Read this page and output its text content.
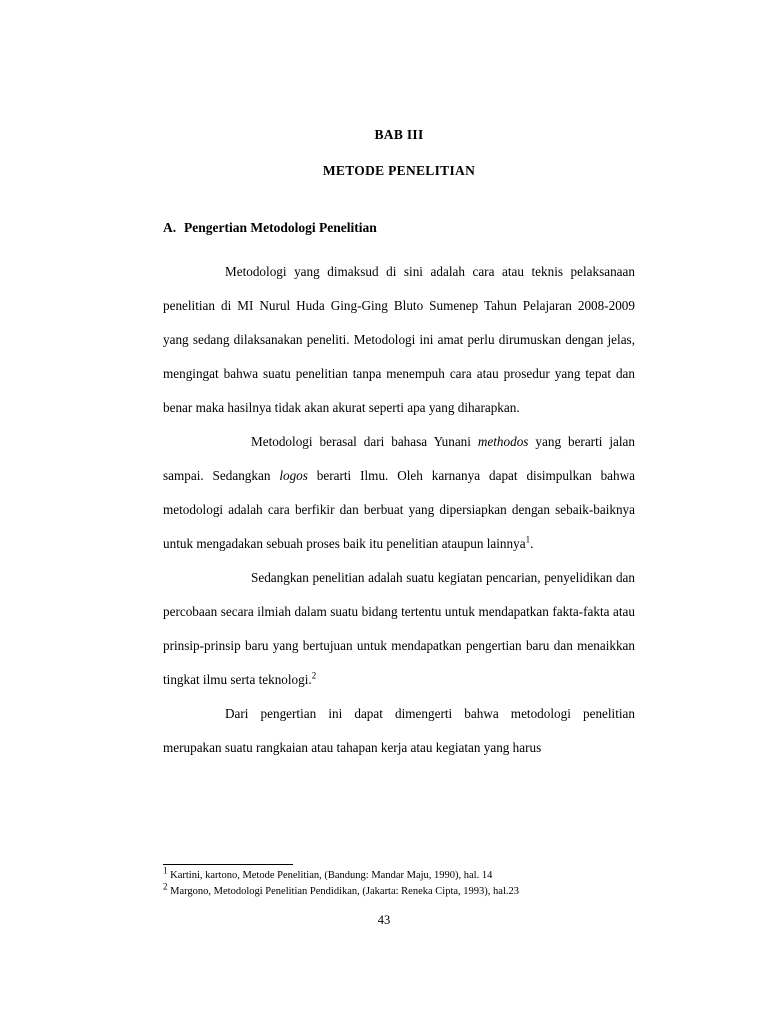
BAB III
METODE PENELITIAN
A. Pengertian Metodologi Penelitian

Metodologi yang dimaksud di sini adalah cara atau teknis pelaksanaan penelitian di MI Nurul Huda Ging-Ging Bluto Sumenep Tahun Pelajaran 2008-2009 yang sedang dilaksanakan peneliti. Metodologi ini amat perlu dirumuskan dengan jelas, mengingat bahwa suatu penelitian tanpa menempuh cara atau prosedur yang tepat dan benar maka hasilnya tidak akan akurat seperti apa yang diharapkan.

Metodologi berasal dari bahasa Yunani methodos yang berarti jalan sampai. Sedangkan logos berarti Ilmu. Oleh karnanya dapat disimpulkan bahwa metodologi adalah cara berfikir dan berbuat yang dipersiapkan dengan sebaik-baiknya untuk mengadakan sebuah proses baik itu penelitian ataupun lainnya$^1$.

Sedangkan penelitian adalah suatu kegiatan pencarian, penyelidikan dan percobaan secara ilmiah dalam suatu bidang tertentu untuk mendapatkan fakta-fakta atau prinsip-prinsip baru yang bertujuan untuk mendapatkan pengertian baru dan menaikkan tingkat ilmu serta teknologi.$^2$

Dari pengertian ini dapat dimengerti bahwa metodologi penelitian merupakan suatu rangkaian atau tahapan kerja atau kegiatan yang harus

$^1$ Kartini, kartono, Metode Penelitian, (Bandung: Mandar Maju, 1990), hal. 14
$^2$ Margono, Metodologi Penelitian Pendidikan, (Jakarta: Reneka Cipta, 1993), hal.23
43
